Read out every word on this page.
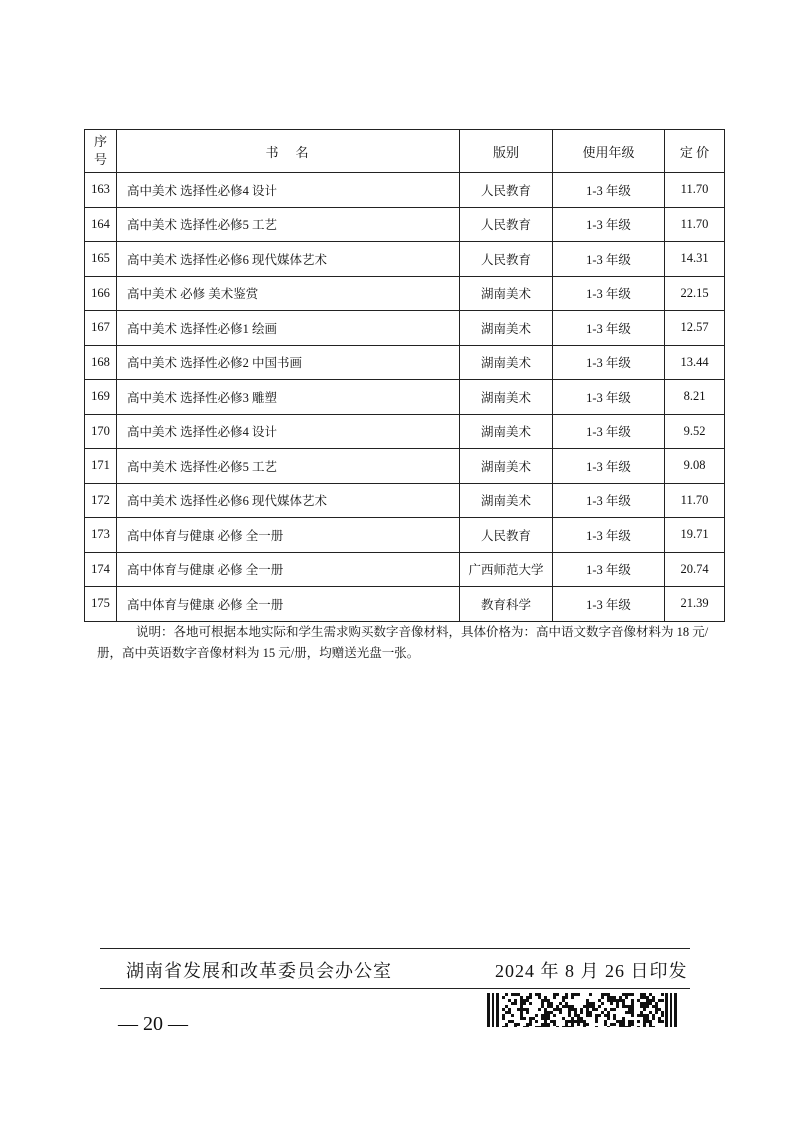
序
号	书　名	版别	使用年级	定 价
163	高中美术 选择性必修4 设计	人民教育	1-3 年级	11.70
164	高中美术 选择性必修5 工艺	人民教育	1-3 年级	11.70
165	高中美术 选择性必修6 现代媒体艺术	人民教育	1-3 年级	14.31
166	高中美术 必修 美术鉴赏	湖南美术	1-3 年级	22.15
167	高中美术 选择性必修1 绘画	湖南美术	1-3 年级	12.57
168	高中美术 选择性必修2 中国书画	湖南美术	1-3 年级	13.44
169	高中美术 选择性必修3 雕塑	湖南美术	1-3 年级	8.21
170	高中美术 选择性必修4 设计	湖南美术	1-3 年级	9.52
171	高中美术 选择性必修5 工艺	湖南美术	1-3 年级	9.08
172	高中美术 选择性必修6 现代媒体艺术	湖南美术	1-3 年级	11.70
173	高中体育与健康 必修 全一册	人民教育	1-3 年级	19.71
174	高中体育与健康 必修 全一册	广西师范大学	1-3 年级	20.74
175	高中体育与健康 必修 全一册	教育科学	1-3 年级	21.39

说明：各地可根据本地实际和学生需求购买数字音像材料，具体价格为：高中语文数字音像材料为 18 元/册，高中英语数字音像材料为 15 元/册，均赠送光盘一张。

湖南省发展和改革委员会办公室	2024 年 8 月 26 日印发
— 20 —
